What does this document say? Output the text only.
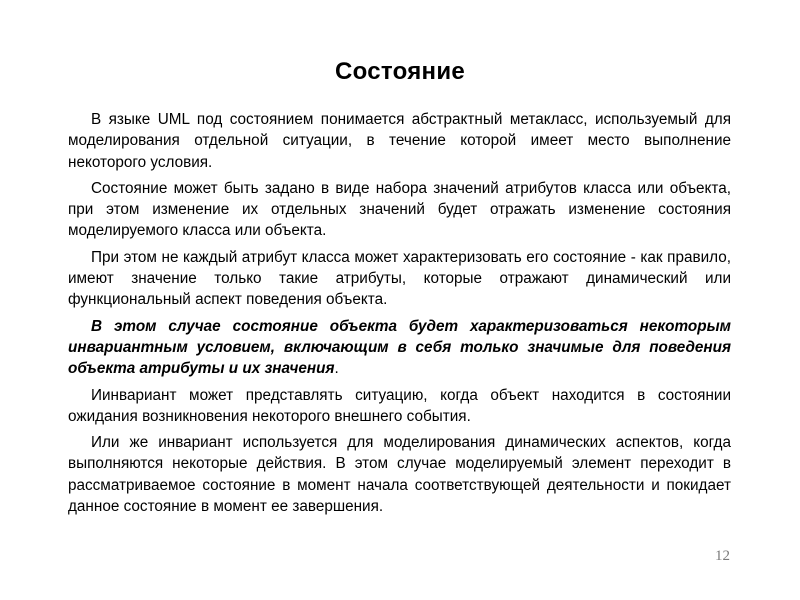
Состояние

В языке UML под состоянием понимается абстрактный метакласс, используемый для моделирования отдельной ситуации, в течение которой имеет место выполнение некоторого условия.

Состояние может быть задано в виде набора значений атрибутов класса или объекта, при этом изменение их отдельных значений будет отражать изменение состояния моделируемого класса или объекта.

При этом не каждый атрибут класса может характеризовать его состояние - как правило, имеют значение только такие атрибуты, которые отражают динамический или функциональный аспект поведения объекта.

В этом случае состояние объекта будет характеризоваться некоторым инвариантным условием, включающим в себя только значимые для поведения объекта атрибуты и их значения.

Иинвариант может представлять ситуацию, когда объект находится в состоянии ожидания возникновения некоторого внешнего события.

Или же инвариант используется для моделирования динамических аспектов, когда выполняются некоторые действия. В этом случае моделируемый элемент переходит в рассматриваемое состояние в момент начала соответствующей деятельности и покидает данное состояние в момент ее завершения.

12
